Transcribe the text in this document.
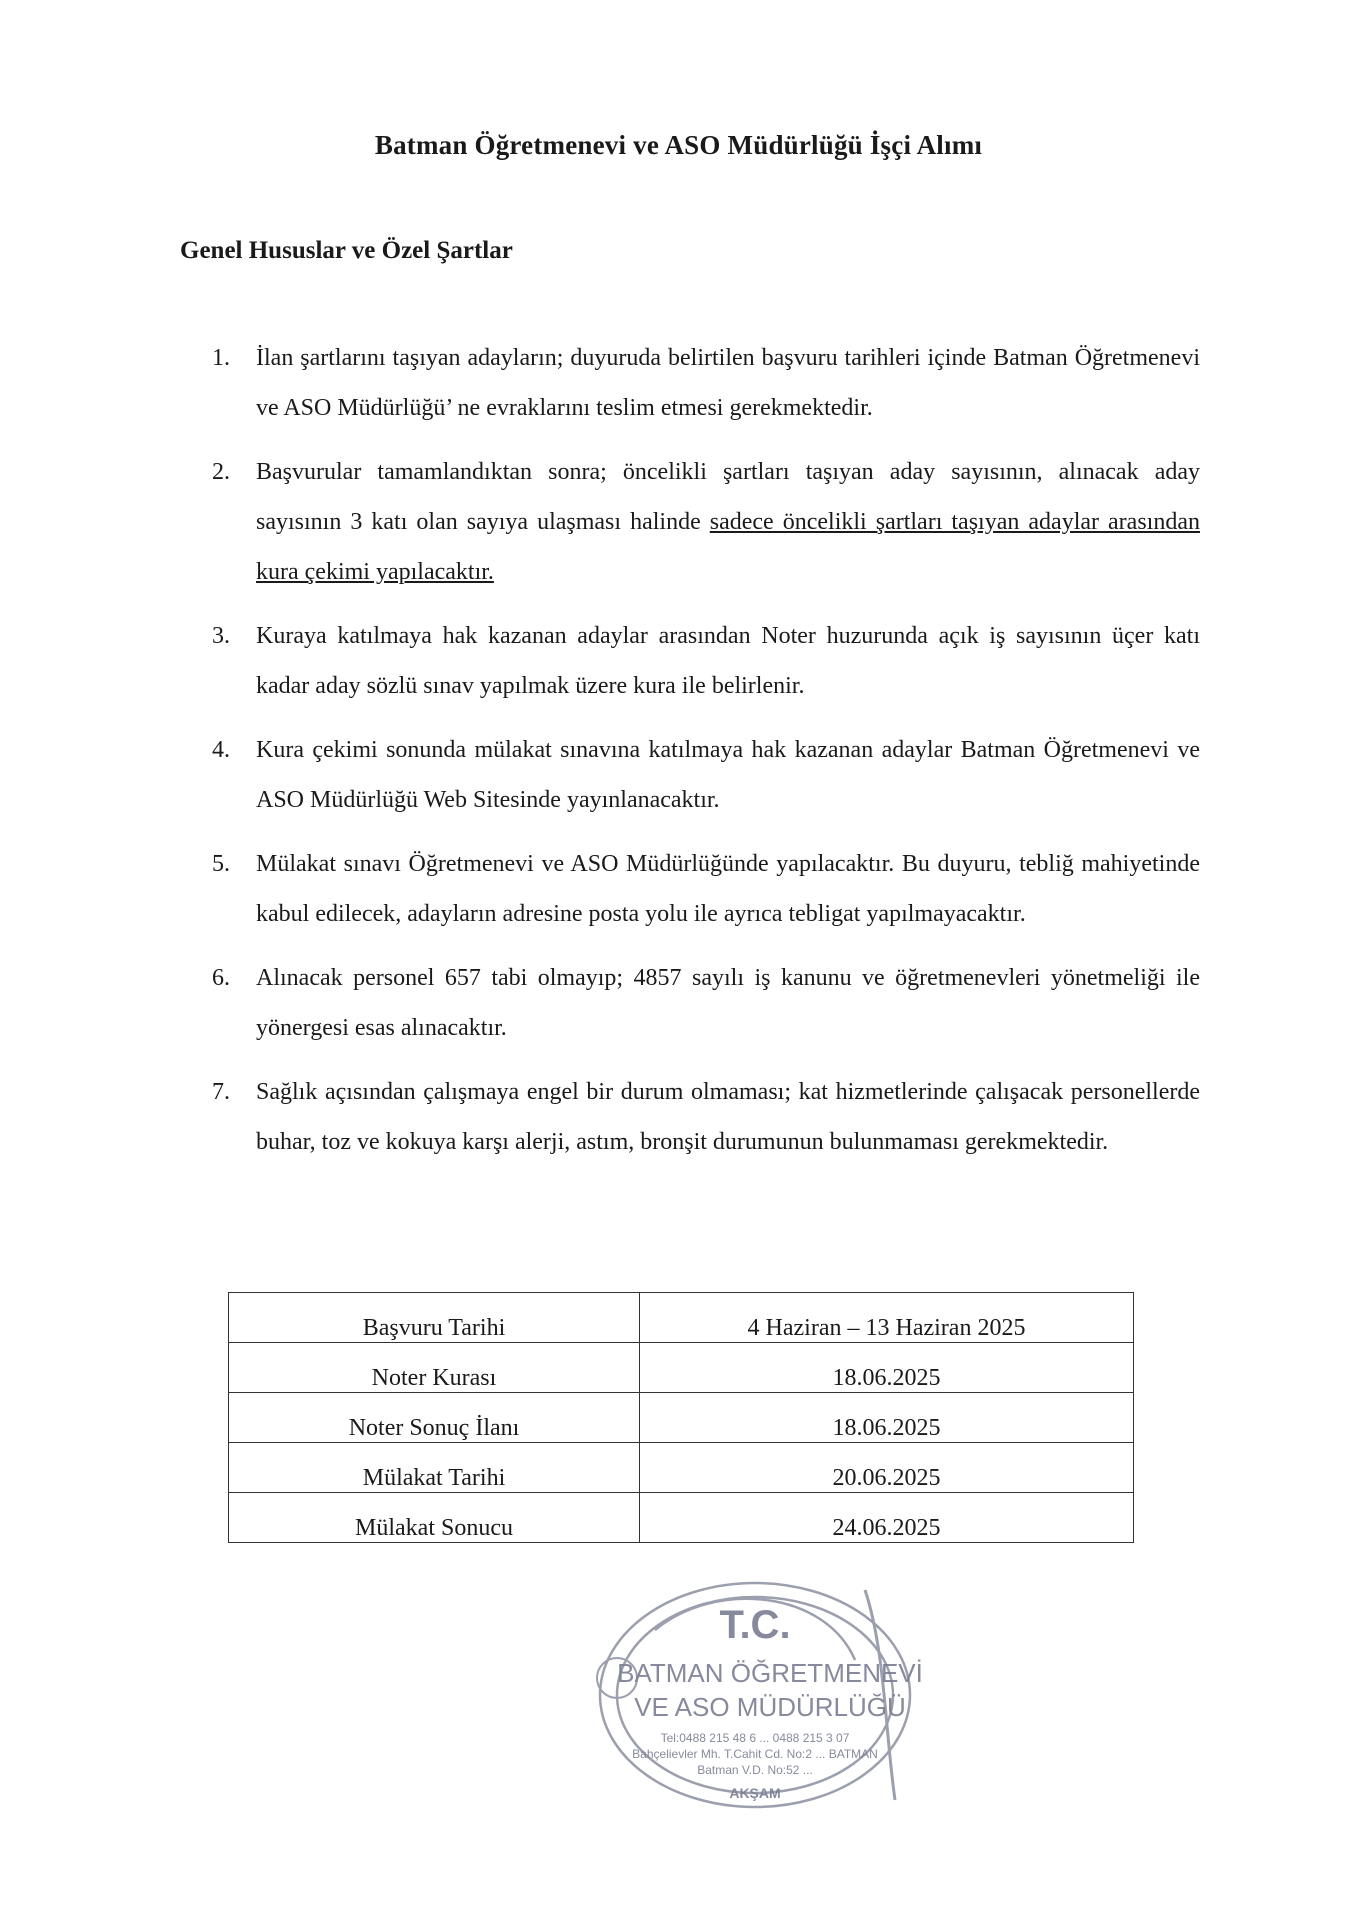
Batman Öğretmenevi ve ASO Müdürlüğü İşçi Alımı
Genel Hususlar ve Özel Şartlar
1.	İlan şartlarını taşıyan adayların; duyuruda belirtilen başvuru tarihleri içinde Batman Öğretmenevi ve ASO Müdürlüğü’ ne evraklarını teslim etmesi gerekmektedir.
2.	Başvurular tamamlandıktan sonra; öncelikli şartları taşıyan aday sayısının, alınacak aday sayısının 3 katı olan sayıya ulaşması halinde sadece öncelikli şartları taşıyan adaylar arasından kura çekimi yapılacaktır.
3.	Kuraya katılmaya hak kazanan adaylar arasından Noter huzurunda açık iş sayısının üçer katı kadar aday sözlü sınav yapılmak üzere kura ile belirlenir.
4.	Kura çekimi sonunda mülakat sınavına katılmaya hak kazanan adaylar Batman Öğretmenevi ve ASO Müdürlüğü Web Sitesinde yayınlanacaktır.
5.	Mülakat sınavı Öğretmenevi ve ASO Müdürlüğünde yapılacaktır. Bu duyuru, tebliğ mahiyetinde kabul edilecek, adayların adresine posta yolu ile ayrıca tebligat yapılmayacaktır.
6.	Alınacak personel 657 tabi olmayıp; 4857 sayılı iş kanunu ve öğretmenevleri yönetmeliği ile yönergesi esas alınacaktır.
7.	Sağlık açısından çalışmaya engel bir durum olmaması; kat hizmetlerinde çalışacak personellerde buhar, toz ve kokuya karşı alerji, astım, bronşit durumunun bulunmaması gerekmektedir.
Başvuru Tarihi	4 Haziran – 13 Haziran 2025
Noter Kurası	18.06.2025
Noter Sonuç İlanı	18.06.2025
Mülakat Tarihi	20.06.2025
Mülakat Sonucu	24.06.2025
T.C.
BATMAN ÖĞRETMENEVİ
VE ASO MÜDÜRLÜĞÜ
Tel:0488 215 48 6 ... 0488 215 3 07
Bahçelievler Mh. T.Cahit Cd. No:2 ... BATMAN
Batman V.D. No:52 ...
AKŞAM
